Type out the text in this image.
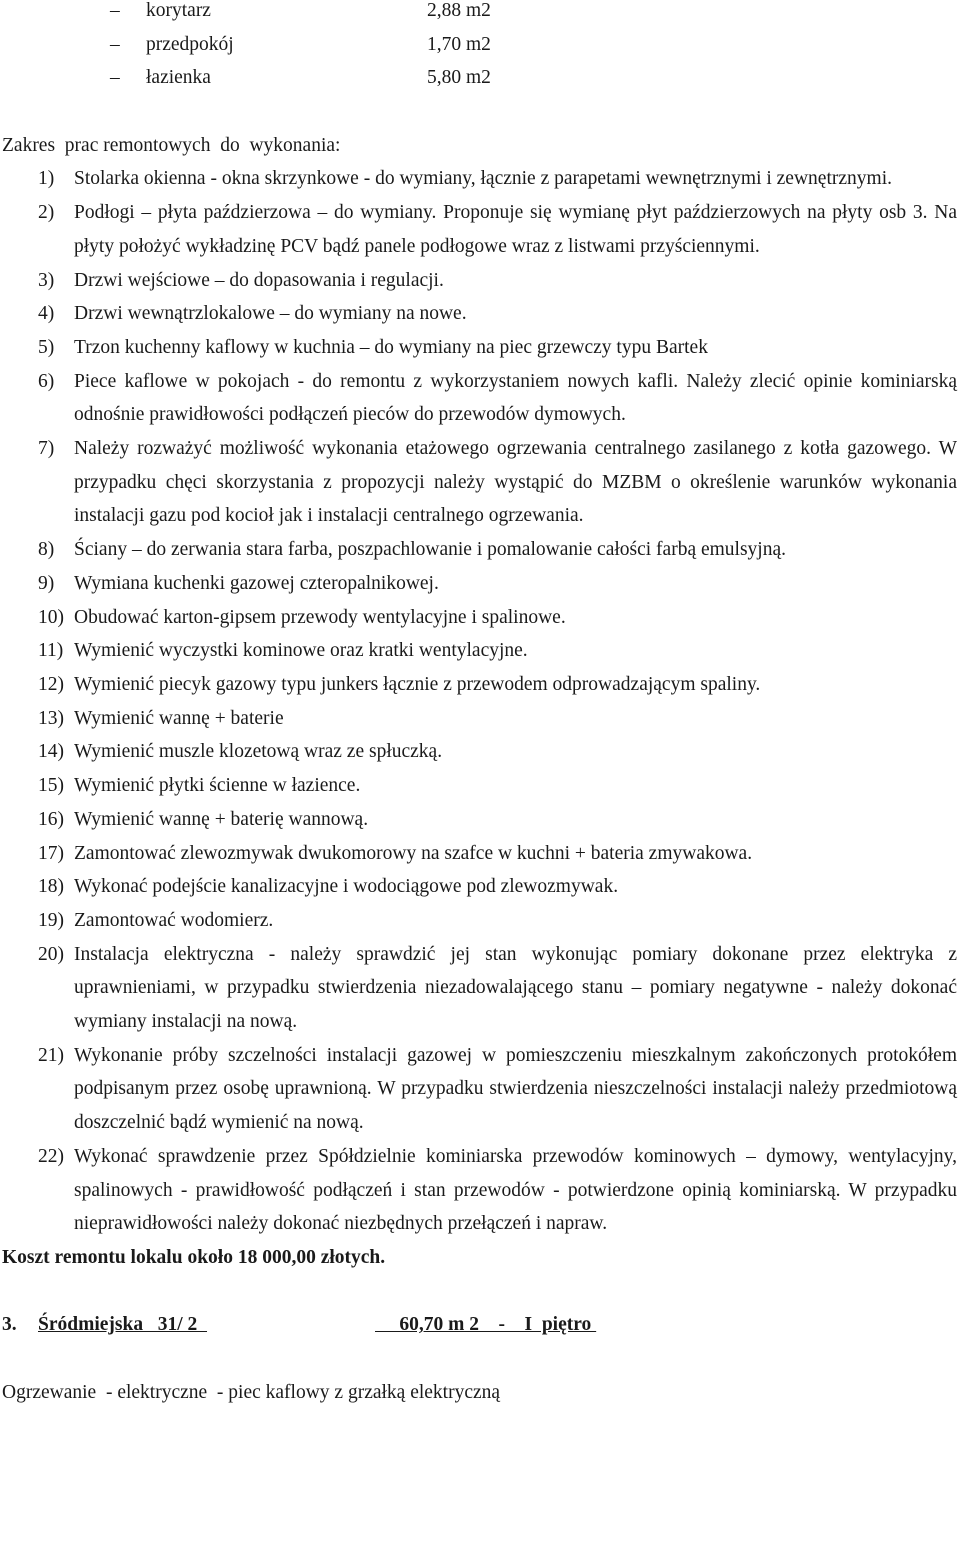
– korytarz	2,88 m2
– przedpokój	1,70 m2
– łazienka	5,80 m2
Zakres  prac remontowych  do  wykonania:
1) Stolarka okienna - okna skrzynkowe - do wymiany, łącznie z parapetami wewnętrznymi i zewnętrznymi.
2) Podłogi – płyta paździerzowa – do wymiany. Proponuje się wymianę płyt paździerzowych na płyty osb 3. Na płyty położyć wykładzinę PCV bądź panele podłogowe wraz z listwami przyściennymi.
3) Drzwi wejściowe – do dopasowania i regulacji.
4) Drzwi wewnątrzlokalowe – do wymiany na nowe.
5) Trzon kuchenny kaflowy w kuchnia – do wymiany na piec grzewczy typu Bartek
6) Piece kaflowe w pokojach - do remontu z wykorzystaniem nowych kafli. Należy zlecić opinie kominiarską odnośnie prawidłowości podłączeń pieców do przewodów dymowych.
7) Należy rozważyć możliwość wykonania etażowego ogrzewania centralnego zasilanego z kotła gazowego. W przypadku chęci skorzystania z propozycji należy wystąpić do MZBM o określenie warunków wykonania instalacji gazu pod kocioł jak i instalacji centralnego ogrzewania.
8) Ściany – do zerwania stara farba, poszpachlowanie i pomalowanie całości farbą emulsyjną.
9) Wymiana kuchenki gazowej czteropalnikowej.
10) Obudować karton-gipsem przewody wentylacyjne i spalinowe.
11) Wymienić wyczystki kominowe oraz kratki wentylacyjne.
12) Wymienić piecyk gazowy typu junkers łącznie z przewodem odprowadzającym spaliny.
13) Wymienić wannę + baterie
14) Wymienić muszle klozetową wraz ze spłuczką.
15) Wymienić płytki ścienne w łazience.
16) Wymienić wannę + baterię wannową.
17) Zamontować zlewozmywak dwukomorowy na szafce w kuchni + bateria zmywakowa.
18) Wykonać podejście kanalizacyjne i wodociągowe pod zlewozmywak.
19) Zamontować wodomierz.
20) Instalacja elektryczna - należy sprawdzić jej stan wykonując pomiary dokonane przez elektryka z uprawnieniami, w przypadku stwierdzenia niezadowalającego stanu – pomiary negatywne - należy dokonać wymiany instalacji na nową.
21) Wykonanie próby szczelności instalacji gazowej w pomieszczeniu mieszkalnym zakończonych protokółem podpisanym przez osobę uprawnioną. W przypadku stwierdzenia nieszczelności instalacji należy przedmiotową doszczelnić bądź wymienić na nową.
22) Wykonać sprawdzenie przez Spółdzielnie kominiarska przewodów kominowych – dymowy, wentylacyjny, spalinowych - prawidłowość podłączeń i stan przewodów - potwierdzone opinią kominiarską. W przypadku nieprawidłowości należy dokonać niezbędnych przełączeń i napraw.
Koszt remontu lokalu około 18 000,00 złotych.
3. Śródmiejska   31/ 2	60,70 m 2    -    I  piętro
Ogrzewanie  - elektryczne  - piec kaflowy z grzałką elektryczną
